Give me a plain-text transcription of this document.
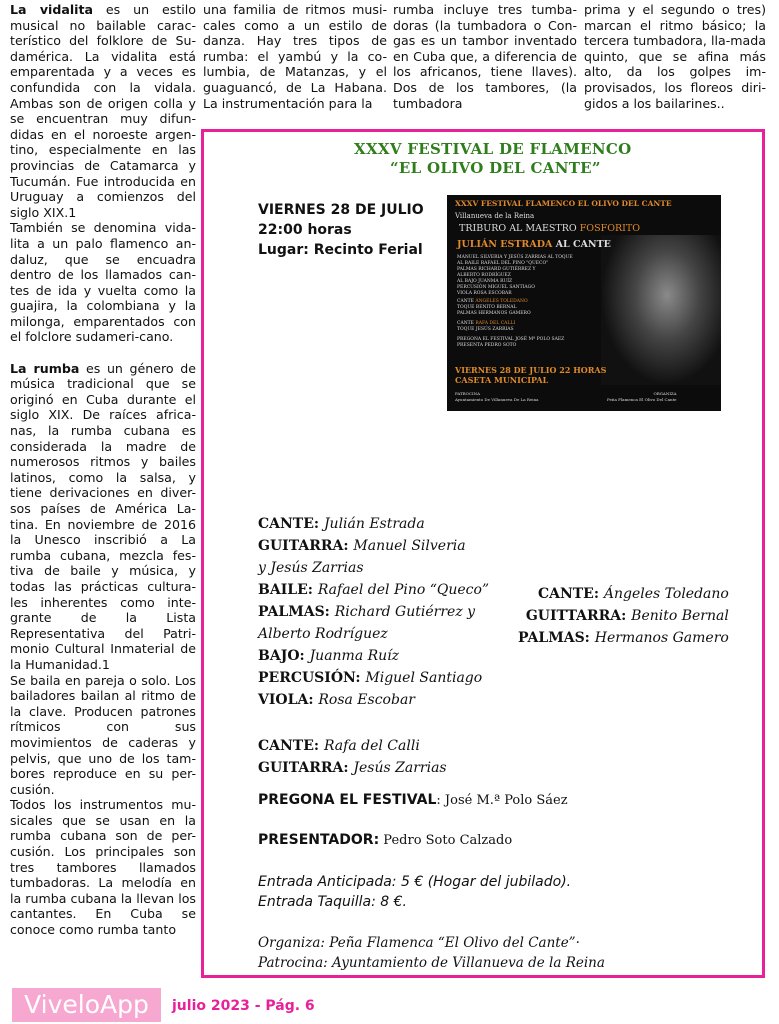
La vidalita es un estilo musical no bailable carac-terístico del folklore de Su-damérica. La vidalita está emparentada y a veces es confundida con la vidala. Ambas son de origen colla y se encuentran muy difun-didas en el noroeste argen-tino, especialmente en las provincias de Catamarca y Tucumán. Fue introducida en Uruguay a comienzos del siglo XIX.1

También se denomina vida-lita a un palo flamenco an-daluz, que se encuadra dentro de los llamados can-tes de ida y vuelta como la guajira, la colombiana y la milonga, emparentados con el folclore sudameri-cano.

La rumba es un género de música tradicional que se originó en Cuba durante el siglo XIX. De raíces africa-nas, la rumba cubana es considerada la madre de numerosos ritmos y bailes latinos, como la salsa, y tiene derivaciones en diver-sos países de América La-tina. En noviembre de 2016 la Unesco inscribió a La rumba cubana, mezcla fes-tiva de baile y música, y todas las prácticas cultura-les inherentes como inte-grante de la Lista Representativa del Patri-monio Cultural Inmaterial de la Humanidad.1

Se baila en pareja o solo. Los bailadores bailan al ritmo de la clave. Producen patrones rítmicos con sus movimientos de caderas y pelvis, que uno de los tam-bores reproduce en su per-cusión.

Todos los instrumentos mu-sicales que se usan en la rumba cubana son de per-cusión. Los principales son tres tambores llamados tumbadoras. La melodía en la rumba cubana la llevan los cantantes. En Cuba se conoce como rumba tanto

una familia de ritmos musi-cales como a un estilo de danza. Hay tres tipos de rumba: el yambú y la co-lumbia, de Matanzas, y el guaguancó, de La Habana. La instrumentación para la
rumba incluye tres tumba-doras (la tumbadora o Con-gas es un tambor inventado en Cuba que, a diferencia de los africanos, tiene llaves). Dos de los tambores, (la tumbadora
prima y el segundo o tres) marcan el ritmo básico; la tercera tumbadora, lla-mada quinto, que se afina más alto, da los golpes im-provisados, los floreos diri-gidos a los bailarines..
XXXV FESTIVAL DE FLAMENCO
“EL OLIVO DEL CANTE”
VIERNES 28 DE JULIO
22:00 horas
Lugar: Recinto Ferial
XXXV FESTIVAL FLAMENCO EL OLIVO DEL CANTE
Villanueva de la Reina
TRIBURO AL MAESTRO FOSFORITO
JULIÁN ESTRADA AL CANTE
MANUEL SILVERIA Y JESÚS ZARRIAS AL TOQUE
AL BAILE RAFAEL DEL PINO "QUECO"
PALMAS RICHARD GUTIÉRREZ Y
ALBERTO RODRÍGUEZ
AL BAJO JUANMA RUÍZ
PERCUSIÓN MIGUEL SANTIAGO
VIOLA ROSA ESCOBAR
CANTE ÁNGELES TOLEDANO
TOQUE BENITO BERNAL
PALMAS HERMANOS GAMERO
CANTE RAFA DEL CALLI
TOQUE JESÚS ZARRIAS
PREGONA EL FESTIVAL JOSÉ Mª POLO SAEZ
PRESENTA PEDRO SOTO
VIERNES 28 DE JULIO 22 HORAS
CASETA MUNICIPAL
PATROCINA
Ayuntamiento De Villanueva De La Reina
ORGANIZA
Peña Flamenca El Olivo Del Cante
CANTE: Julián Estrada
GUITARRA: Manuel Silveria
y Jesús Zarrias
BAILE: Rafael del Pino “Queco”
PALMAS: Richard Gutiérrez y
Alberto Rodríguez
BAJO: Juanma Ruíz
PERCUSIÓN: Miguel Santiago
VIOLA: Rosa Escobar
CANTE: Ángeles Toledano
GUITTARRA: Benito Bernal
PALMAS: Hermanos Gamero
CANTE: Rafa del Calli
GUITARRA: Jesús Zarrias
PREGONA EL FESTIVAL: José M.ª Polo Sáez
PRESENTADOR: Pedro Soto Calzado
Entrada Anticipada: 5 € (Hogar del jubilado).
Entrada Taquilla: 8 €.
Organiza: Peña Flamenca “El Olivo del Cante”·
Patrocina: Ayuntamiento de Villanueva de la Reina
ViveloApp	julio 2023 - Pág. 6
